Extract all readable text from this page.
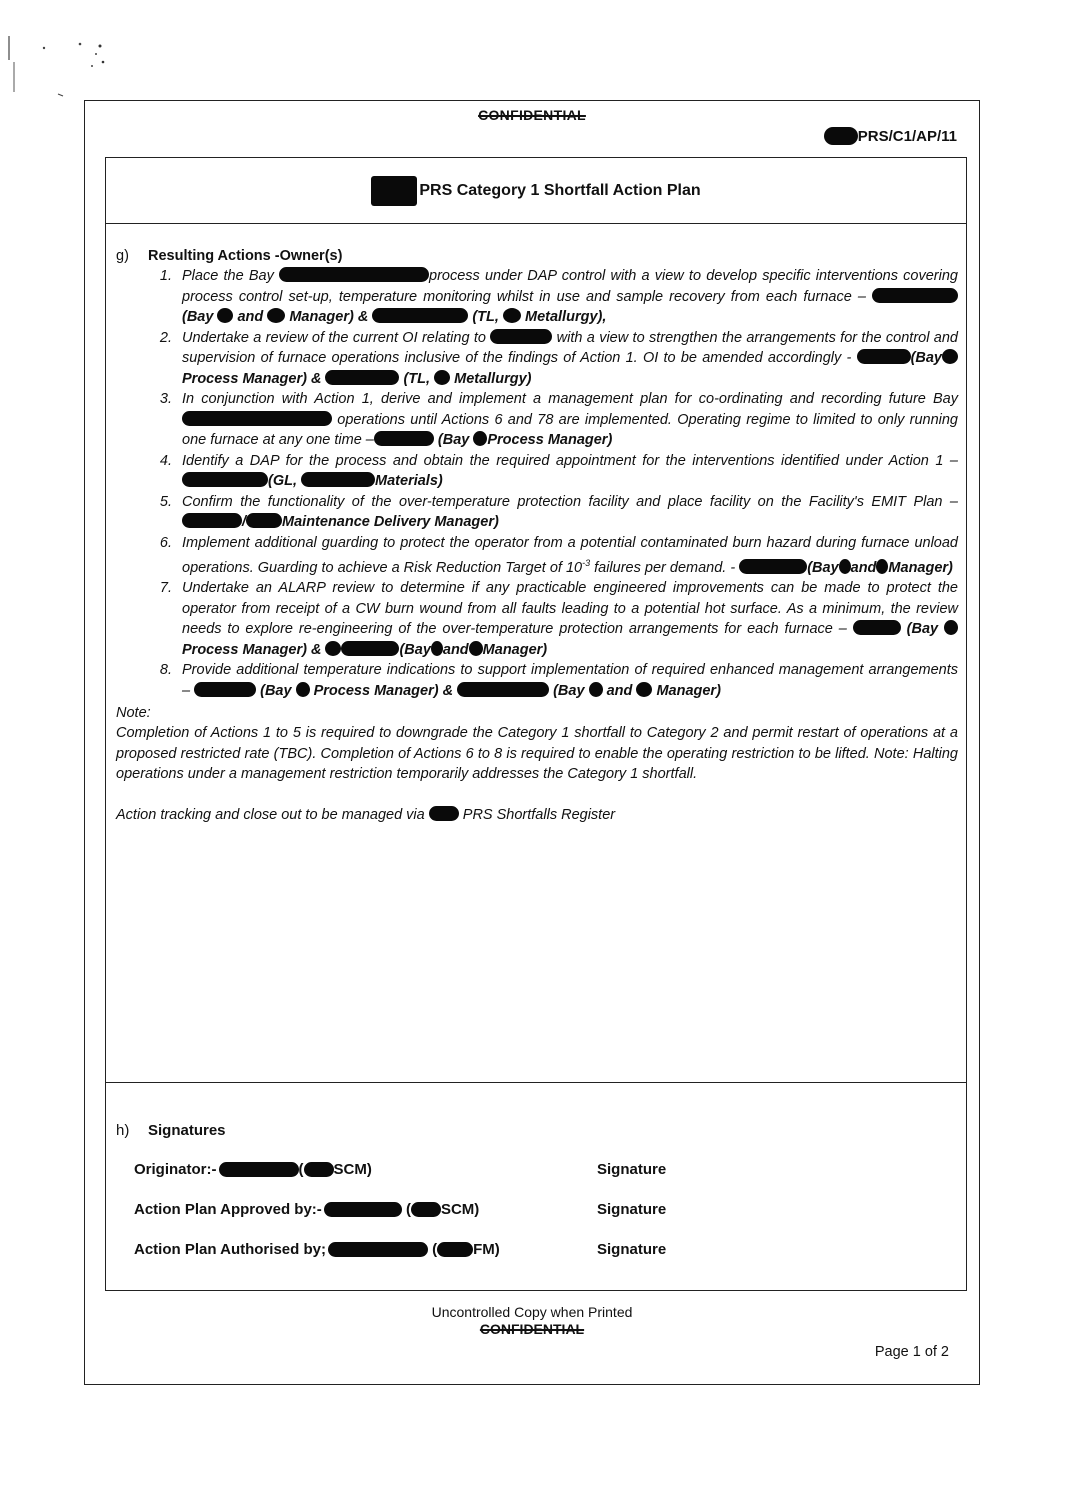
CONFIDENTIAL
PRS/C1/AP/11
PRS Category 1 Shortfall Action Plan
g)	Resulting Actions -Owner(s)
1. Place the Bay	process under DAP control with a view to develop specific interventions covering process control set-up, temperature monitoring whilst in use and sample recovery from each furnace –  (Bay  and  Manager) &	(TL,  Metallurgy),
2. Undertake a review of the current OI relating to	with a view to strengthen the arrangements for the control and supervision of furnace operations inclusive of the findings of Action 1. OI to be amended accordingly -	(BayProcess Manager) &	(TL,  Metallurgy)
3. In conjunction with Action 1, derive and implement a management plan for co-ordinating and recording future Bay  operations until Actions 6 and 78 are implemented. Operating regime to limited to only running one furnace at any one time –	(Bay Process Manager)
4. Identify a DAP for the process and obtain the required appointment for the interventions identified under Action 1 – (GL,	Materials)
5. Confirm the functionality of the over-temperature protection facility and place facility on the Facility's EMIT Plan – / Maintenance Delivery Manager)
6. Implement additional guarding to protect the operator from a potential contaminated burn hazard during furnace unload operations. Guarding to achieve a Risk Reduction Target of $10^{-3}$ failures per demand. -	(Bay and Manager)
7. Undertake an ALARP review to determine if any practicable engineered improvements can be made to protect the operator from receipt of a CW burn wound from all faults leading to a potential hot surface. As a minimum, the review needs to explore re-engineering of the over-temperature protection arrangements for each furnace –	(Bay Process Manager) &	(Bay and Manager)
8. Provide additional temperature indications to support implementation of required enhanced management arrangements –	(Bay  Process Manager) &	(Bay  and  Manager)
Note:
Completion of Actions 1 to 5 is required to downgrade the Category 1 shortfall to Category 2 and permit restart of operations at a proposed restricted rate (TBC). Completion of Actions 6 to 8 is required to enable the operating restriction to be lifted. Note: Halting operations under a management restriction temporarily addresses the Category 1 shortfall.
Action tracking and close out to be managed via  PRS Shortfalls Register
h)	Signatures
Originator:-	( SCM)	Signature
Action Plan Approved by:-	( SCM)	Signature
Action Plan Authorised by;	( FM)	Signature
Uncontrolled Copy when Printed
CONFIDENTIAL
Page 1 of 2
